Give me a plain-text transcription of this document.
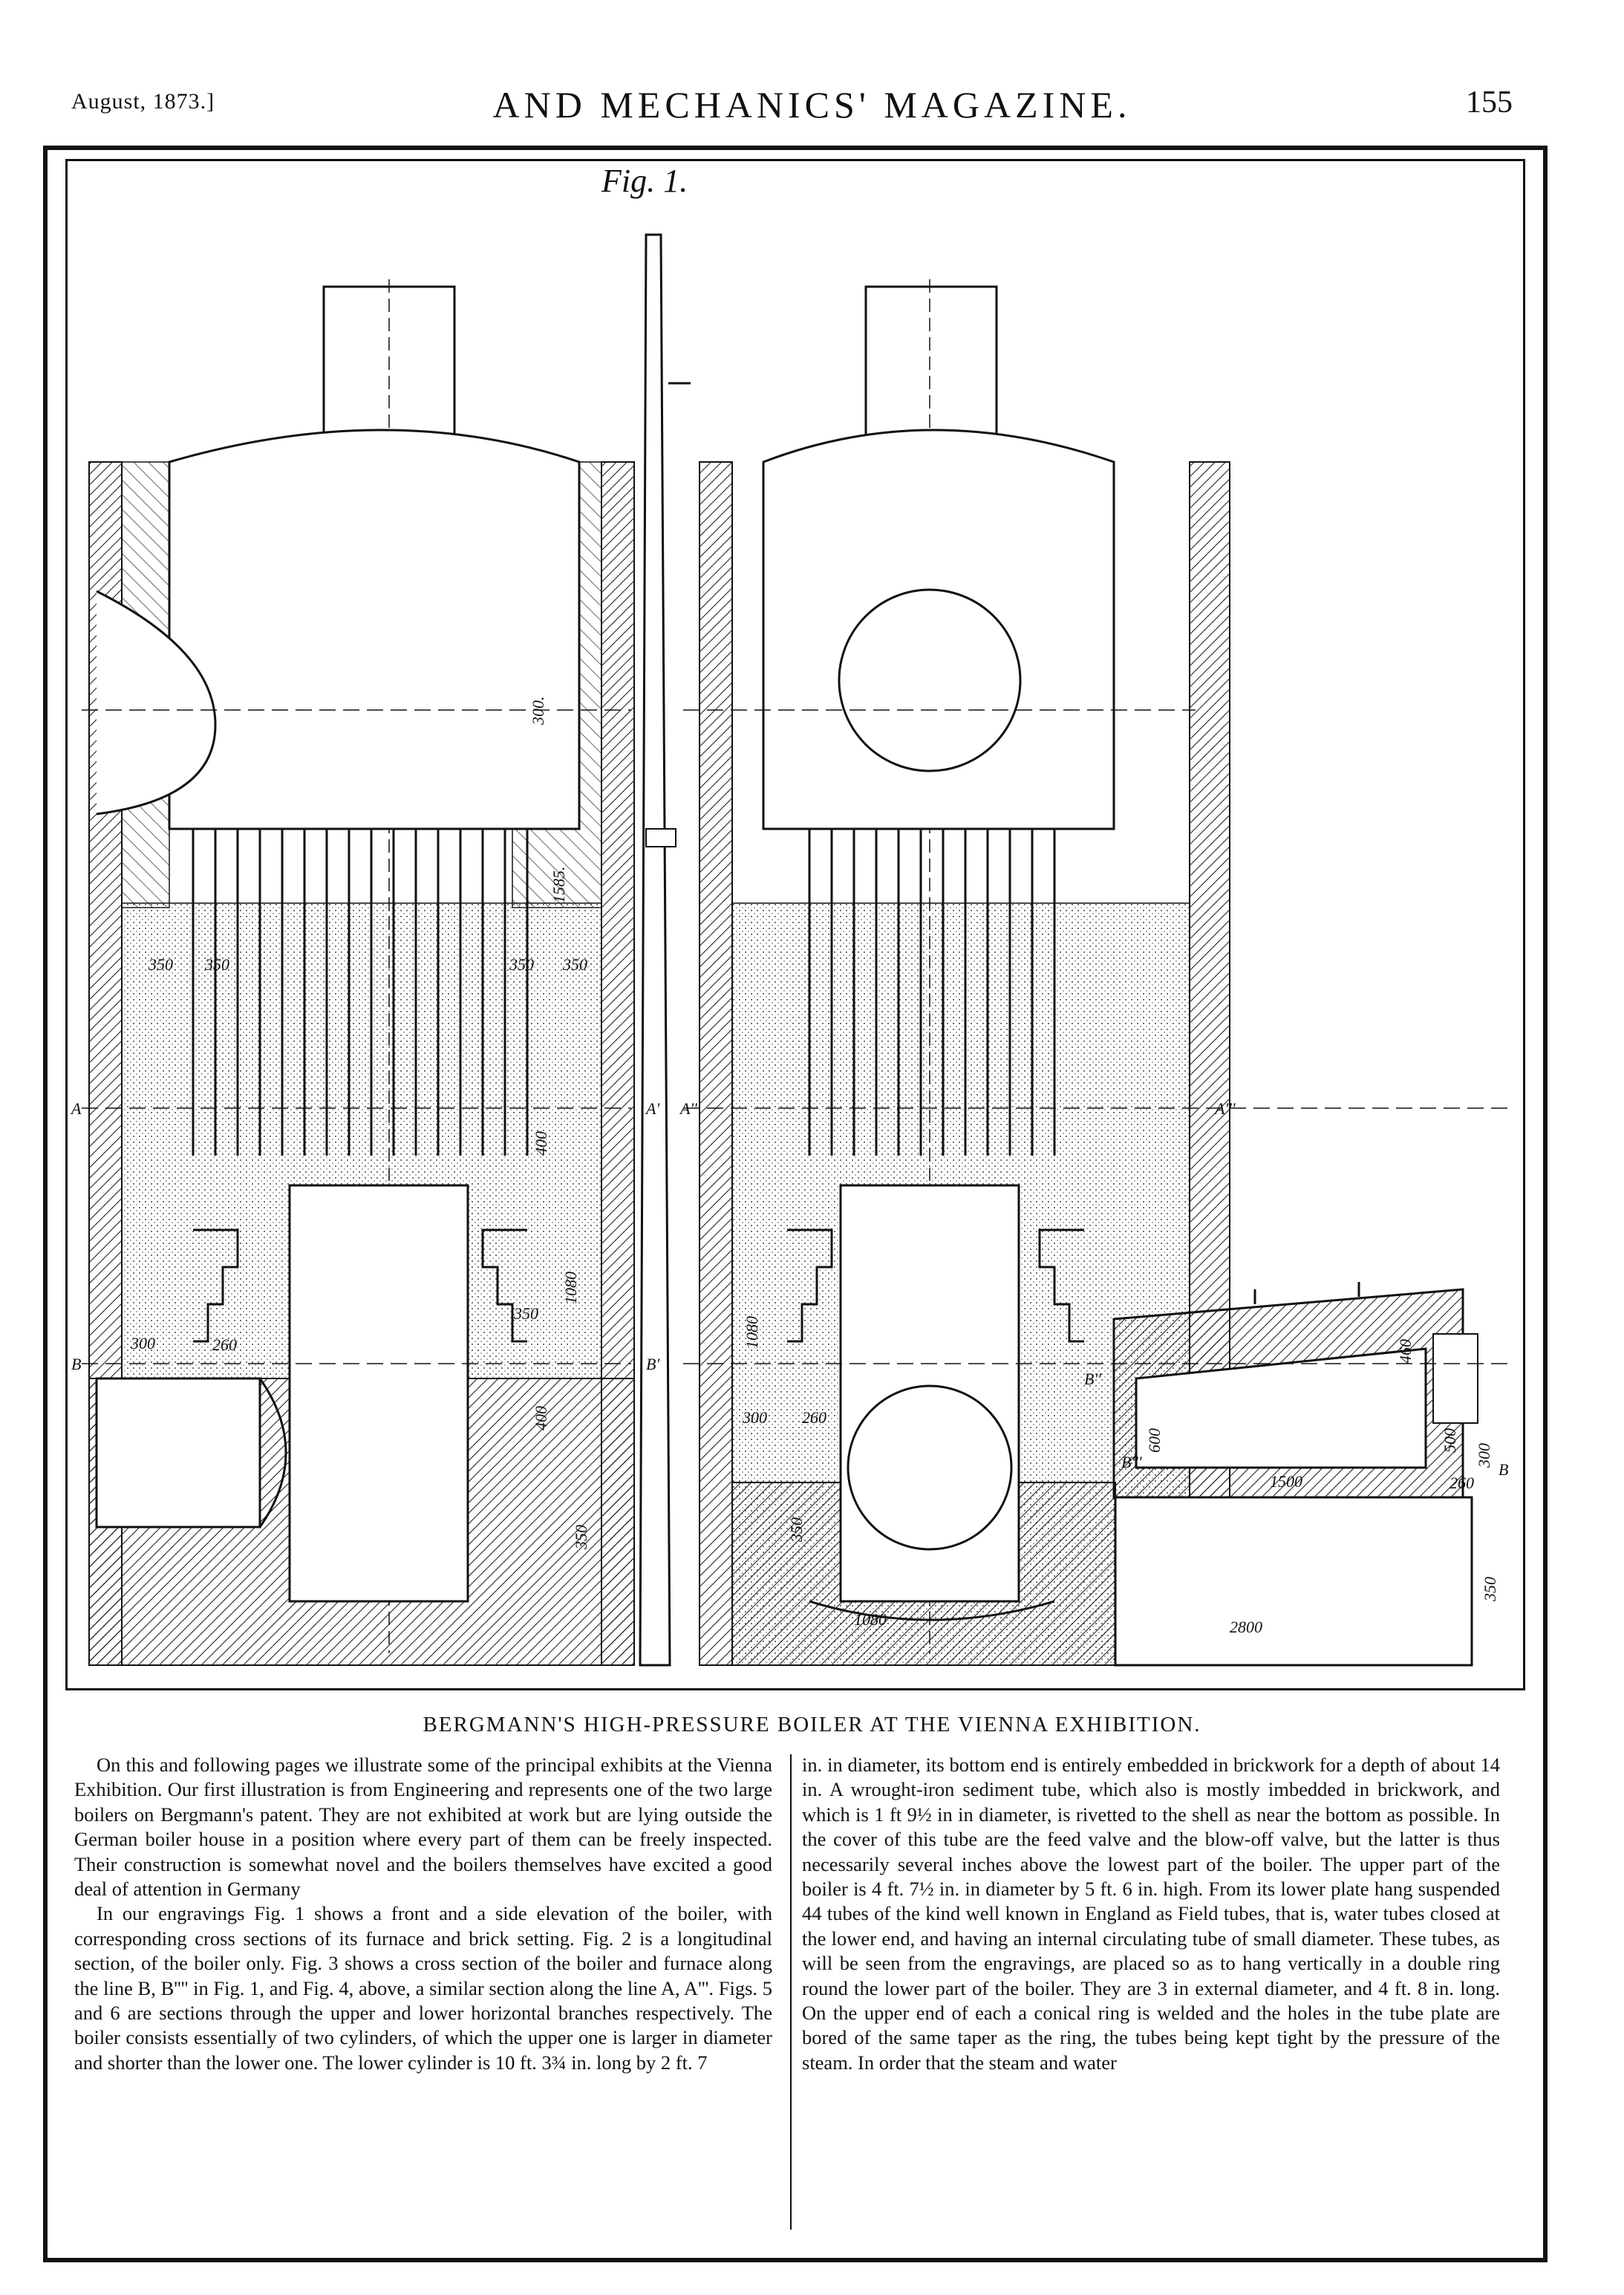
August, 1873.]	AND MECHANICS' MAGAZINE.	155
Fig. 1.
300.
1585.
350 350	350 350
400
1080
350
300	260
400
350
1080
260
350
300
2800
1500
600	500
300
260
350
460
1080
A	A' A''	A'''
B	B'
B''
B'''	B
BERGMANN'S HIGH-PRESSURE BOILER AT THE VIENNA EXHIBITION.

On this and following pages we illustrate some of the principal exhibits at the Vienna Exhibition. Our first illustration is from Engineering and represents one of the two large boilers on Bergmann's patent. They are not exhibited at work but are lying outside the German boiler house in a position where every part of them can be freely inspected. Their construction is somewhat novel and the boilers themselves have excited a good deal of attention in Germany

In our engravings Fig. 1 shows a front and a side elevation of the boiler, with corresponding cross sections of its furnace and brick setting. Fig. 2 is a longitudinal section, of the boiler only. Fig. 3 shows a cross section of the boiler and furnace along the line B, B'''' in Fig. 1, and Fig. 4, above, a similar section along the line A, A'''. Figs. 5 and 6 are sections through the upper and lower horizontal branches respectively. The boiler consists essentially of two cylinders, of which the upper one is larger in diameter and shorter than the lower one. The lower cylinder is 10 ft. 3¾ in. long by 2 ft. 7

in. in diameter, its bottom end is entirely embedded in brickwork for a depth of about 14 in. A wrought-iron sediment tube, which also is mostly imbedded in brickwork, and which is 1 ft 9½ in in diameter, is rivetted to the shell as near the bottom as possible. In the cover of this tube are the feed valve and the blow-off valve, but the latter is thus necessarily several inches above the lowest part of the boiler. The upper part of the boiler is 4 ft. 7½ in. in diameter by 5 ft. 6 in. high. From its lower plate hang suspended 44 tubes of the kind well known in England as Field tubes, that is, water tubes closed at the lower end, and having an internal circulating tube of small diameter. These tubes, as will be seen from the engravings, are placed so as to hang vertically in a double ring round the lower part of the boiler. They are 3 in external diameter, and 4 ft. 8 in. long. On the upper end of each a conical ring is welded and the holes in the tube plate are bored of the same taper as the ring, the tubes being kept tight by the pressure of the steam. In order that the steam and water
